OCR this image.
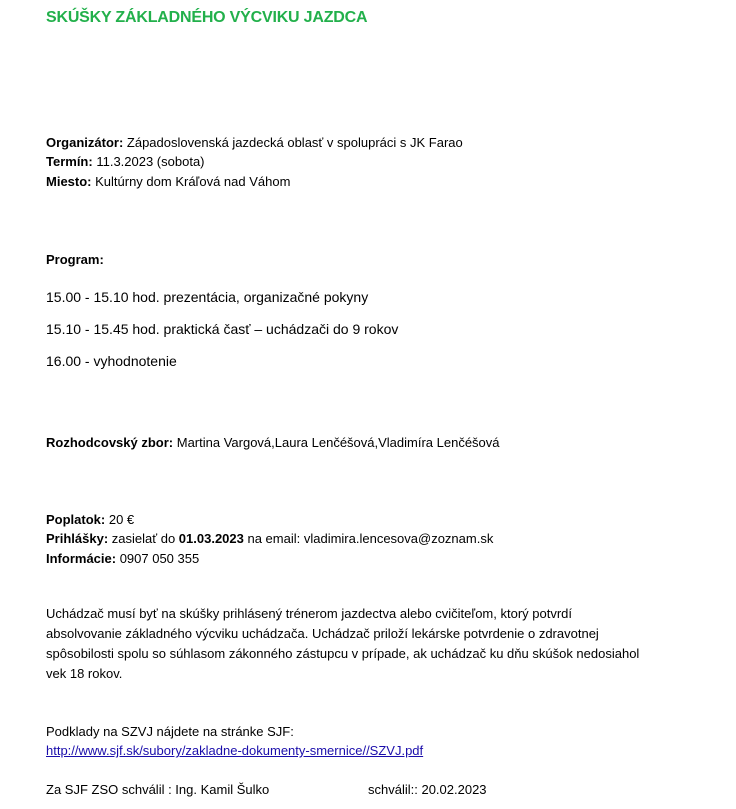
SKÚŠKY ZÁKLADNÉHO VÝCVIKU JAZDCA
Organizátor: Západoslovenská jazdecká oblasť v spolupráci s JK Farao
Termín: 11.3.2023 (sobota)
Miesto: Kultúrny dom Kráľová nad Váhom
Program:
15.00 - 15.10 hod. prezentácia, organizačné pokyny
15.10 - 15.45 hod. praktická časť – uchádzači do 9 rokov
16.00 - vyhodnotenie
Rozhodcovský zbor: Martina Vargová,Laura Lenčéšová,Vladimíra Lenčéšová
Poplatok: 20 €
Prihlášky: zasielať do 01.03.2023 na email: vladimira.lencesova@zoznam.sk
Informácie: 0907 050 355
Uchádzač musí byť na skúšky prihlásený trénerom jazdectva alebo cvičiteľom, ktorý potvrdí
absolvovanie základného výcviku uchádzača. Uchádzač priloží lekárske potvrdenie o zdravotnej
spôsobilosti spolu so súhlasom zákonného zástupcu v prípade, ak uchádzač ku dňu skúšok nedosiahol
vek 18 rokov.
Podklady na SZVJ nájdete na stránke SJF:
http://www.sjf.sk/subory/zakladne-dokumenty-smernice//SZVJ.pdf
Za SJF ZSO schválil : Ing. Kamil Šulko	schválil:: 20.02.2023
